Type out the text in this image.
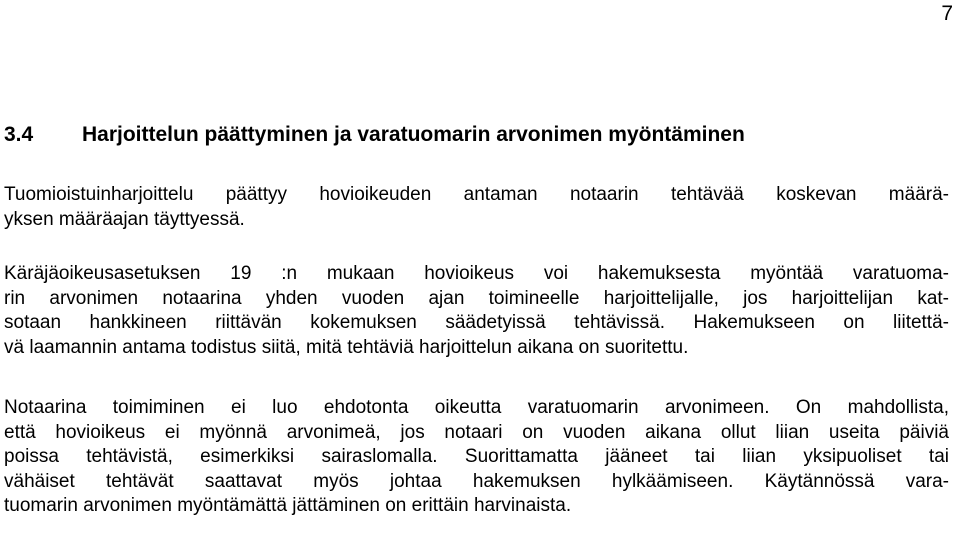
7
3.4 Harjoittelun päättyminen ja varatuomarin arvonimen myöntäminen
Tuomioistuinharjoittelu päättyy hovioikeuden antaman notaarin tehtävää koskevan määrä-
yksen määräajan täyttyessä.
Käräjäoikeusasetuksen 19 :n mukaan hovioikeus voi hakemuksesta myöntää varatuoma-
rin arvonimen notaarina yhden vuoden ajan toimineelle harjoittelijalle, jos harjoittelijan kat-
sotaan hankkineen riittävän kokemuksen säädetyissä tehtävissä. Hakemukseen on liitettä-
vä laamannin antama todistus siitä, mitä tehtäviä harjoittelun aikana on suoritettu.
Notaarina toimiminen ei luo ehdotonta oikeutta varatuomarin arvonimeen. On mahdollista,
että hovioikeus ei myönnä arvonimeä, jos notaari on vuoden aikana ollut liian useita päiviä
poissa tehtävistä, esimerkiksi sairaslomalla. Suorittamatta jääneet tai liian yksipuoliset tai
vähäiset tehtävät saattavat myös johtaa hakemuksen hylkäämiseen. Käytännössä vara-
tuomarin arvonimen myöntämättä jättäminen on erittäin harvinaista.
